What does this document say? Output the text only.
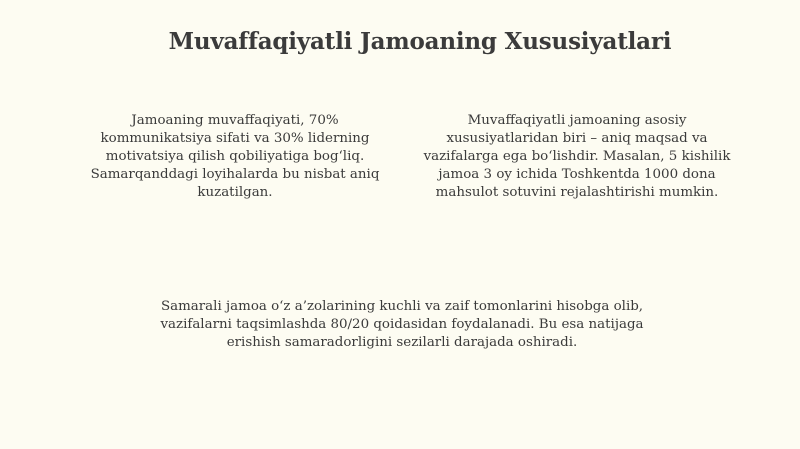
Muvaffaqiyatli Jamoaning Xususiyatlari

Jamoaning muvaffaqiyati, 70%
kommunikatsiya sifati va 30% liderning
motivatsiya qilish qobiliyatiga bog‘liq.
Samarqanddagi loyihalarda bu nisbat aniq
kuzatilgan.

Muvaffaqiyatli jamoaning asosiy
xususiyatlaridan biri – aniq maqsad va
vazifalarga ega bo‘lishdir. Masalan, 5 kishilik
jamoa 3 oy ichida Toshkentda 1000 dona
mahsulot sotuvini rejalashtirishi mumkin.

Samarali jamoa o‘z a’zolarining kuchli va zaif tomonlarini hisobga olib,
vazifalarni taqsimlashda 80/20 qoidasidan foydalanadi. Bu esa natijaga
erishish samaradorligini sezilarli darajada oshiradi.
